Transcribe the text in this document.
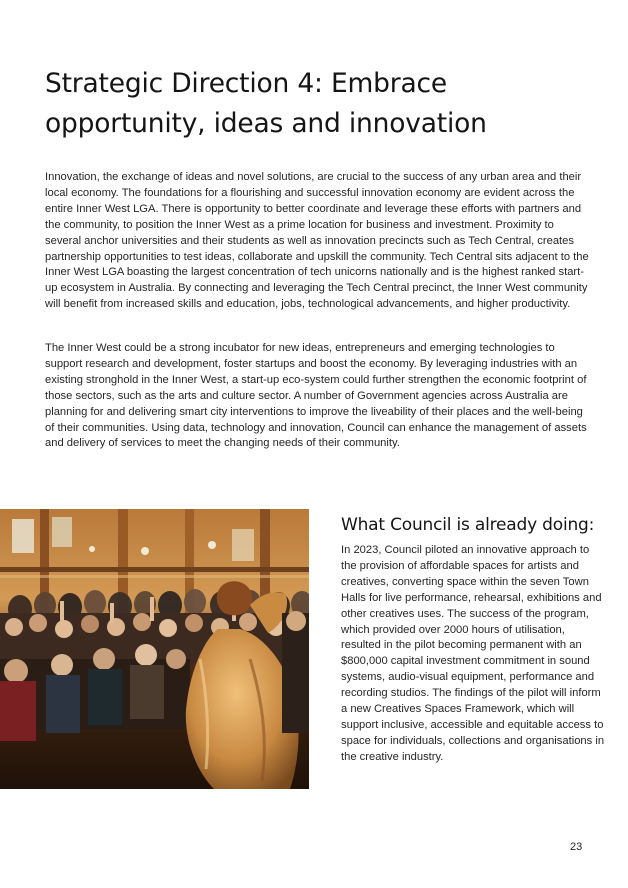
Strategic Direction 4: Embrace
opportunity, ideas and innovation

Innovation, the exchange of ideas and novel solutions, are crucial to the success of any urban area and their local economy. The foundations for a flourishing and successful innovation economy are evident across the entire Inner West LGA. There is opportunity to better coordinate and leverage these efforts with partners and the community, to position the Inner West as a prime location for business and investment. Proximity to several anchor universities and their students as well as innovation precincts such as Tech Central, creates partnership opportunities to test ideas, collaborate and upskill the community. Tech Central sits adjacent to the Inner West LGA boasting the largest concentration of tech unicorns nationally and is the highest ranked start-up ecosystem in Australia. By connecting and leveraging the Tech Central precinct, the Inner West community will benefit from increased skills and education, jobs, technological advancements, and higher productivity.

The Inner West could be a strong incubator for new ideas, entrepreneurs and emerging technologies to support research and development, foster startups and boost the economy. By leveraging industries with an existing stronghold in the Inner West, a start-up eco-system could further strengthen the economic footprint of those sectors, such as the arts and culture sector. A number of Government agencies across Australia are planning for and delivering smart city interventions to improve the liveability of their places and the well-being of their communities. Using data, technology and innovation, Council can enhance the management of assets and delivery of services to meet the changing needs of their community.

What Council is already doing:

In 2023, Council piloted an innovative approach to the provision of affordable spaces for artists and creatives, converting space within the seven Town Halls for live performance, rehearsal, exhibitions and other creatives uses. The success of the program, which provided over 2000 hours of utilisation, resulted in the pilot becoming permanent with an $800,000 capital investment commitment in sound systems, audio-visual equipment, performance and recording studios. The findings of the pilot will inform a new Creatives Spaces Framework, which will support inclusive, accessible and equitable access to space for individuals, collections and organisations in the creative industry.

23
